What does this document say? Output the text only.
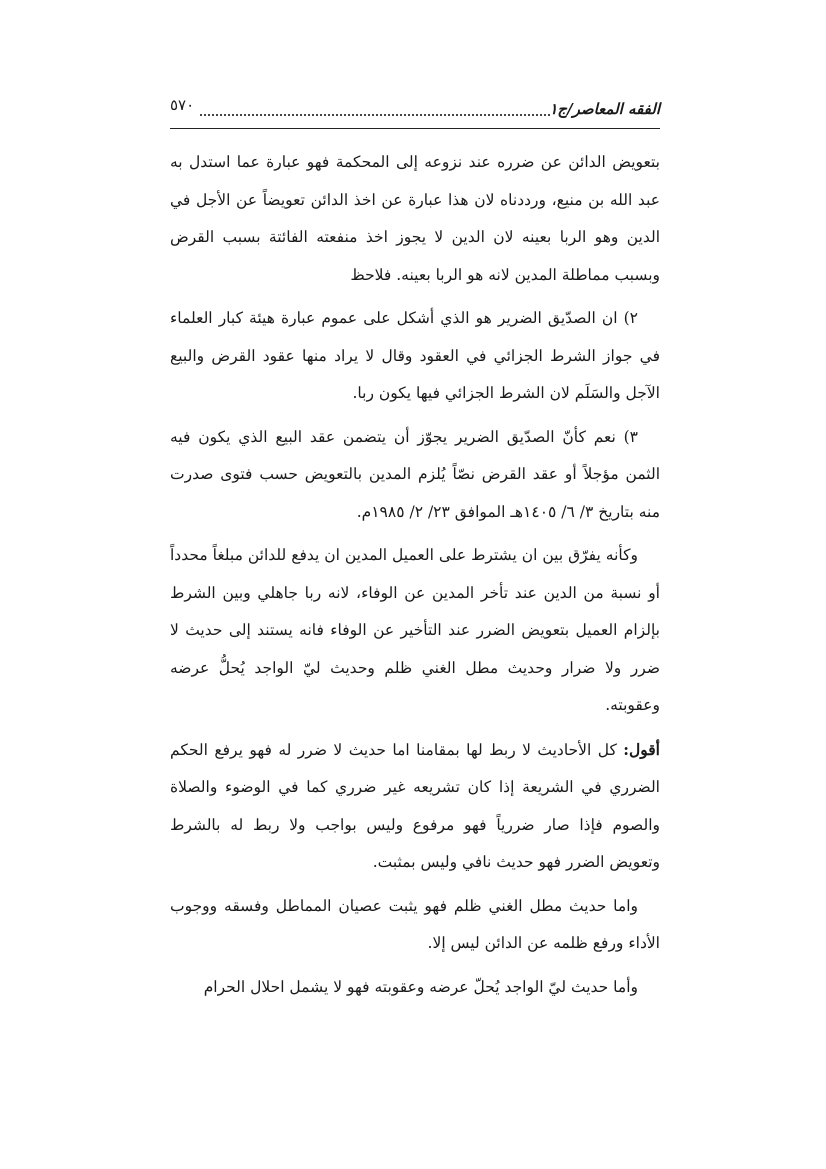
الفقه المعاصر/ج١
٥٧٠

بتعويض الدائن عن ضرره عند نزوعه إلى المحكمة فهو عبارة عما استدل به عبد الله بن منيع، ورددناه لان هذا عبارة عن اخذ الدائن تعويضاً عن الأجل في الدين وهو الربا بعينه لان الدين لا يجوز اخذ منفعته الفائتة بسبب القرض وبسبب مماطلة المدين لانه هو الربا بعينه. فلاحظ

٢) ان الصدّيق الضرير هو الذي أشكل على عموم عبارة هيئة كبار العلماء في جواز الشرط الجزائي في العقود وقال لا يراد منها عقود القرض والبيع الآجل والسَلَم لان الشرط الجزائي فيها يكون ربا.

٣) نعم كأنّ الصدّيق الضرير يجوّز أن يتضمن عقد البيع الذي يكون فيه الثمن مؤجلاً أو عقد القرض نصّاً يُلزم المدين بالتعويض حسب فتوى صدرت منه بتاريخ ٣/ ٦/ ١٤٠٥هـ الموافق ٢٣/ ٢/ ١٩٨٥م.

وكأنه يفرّق بين ان يشترط على العميل المدين ان يدفع للدائن مبلغاً محدداً أو نسبة من الدين عند تأخر المدين عن الوفاء، لانه ربا جاهلي وبين الشرط بإلزام العميل بتعويض الضرر عند التأخير عن الوفاء فانه يستند إلى حديث لا ضرر ولا ضرار وحديث مطل الغني ظلم وحديث ليّ الواجد يُحلُّ عرضه وعقوبته.

أقول: كل الأحاديث لا ربط لها بمقامنا اما حديث لا ضرر له فهو يرفع الحكم الضرري في الشريعة إذا كان تشريعه غير ضرري كما في الوضوء والصلاة والصوم فإذا صار ضررياً فهو مرفوع وليس بواجب ولا ربط له بالشرط وتعويض الضرر فهو حديث نافي وليس بمثبت.

واما حديث مطل الغني ظلم فهو يثبت عصيان المماطل وفسقه ووجوب الأداء ورفع ظلمه عن الدائن ليس إلا.

وأما حديث ليّ الواجد يُحلّ عرضه وعقوبته فهو لا يشمل احلال الحرام
